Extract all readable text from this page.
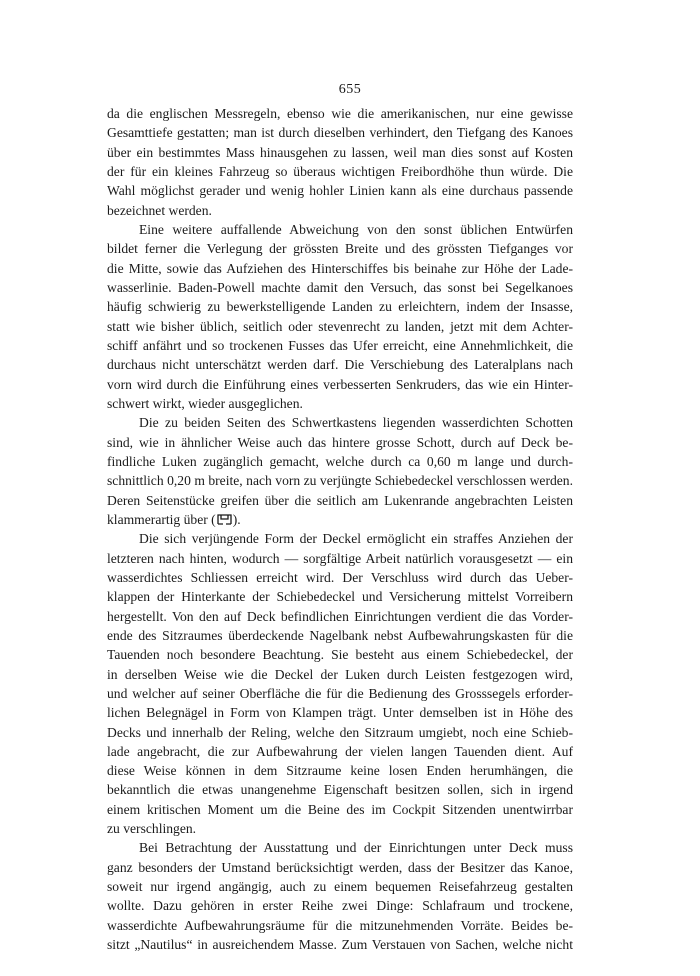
655
da die englischen Messregeln, ebenso wie die amerikanischen, nur eine gewisse
Gesamttiefe gestatten; man ist durch dieselben verhindert, den Tiefgang des Kanoes
über ein bestimmtes Mass hinausgehen zu lassen, weil man dies sonst auf Kosten
der für ein kleines Fahrzeug so überaus wichtigen Freibordhöhe thun würde. Die
Wahl möglichst gerader und wenig hohler Linien kann als eine durchaus passende
bezeichnet werden.
Eine weitere auffallende Abweichung von den sonst üblichen Entwürfen
bildet ferner die Verlegung der grössten Breite und des grössten Tiefganges vor
die Mitte, sowie das Aufziehen des Hinterschiffes bis beinahe zur Höhe der Lade-
wasserlinie. Baden-Powell machte damit den Versuch, das sonst bei Segelkanoes
häufig schwierig zu bewerkstelligende Landen zu erleichtern, indem der Insasse,
statt wie bisher üblich, seitlich oder stevenrecht zu landen, jetzt mit dem Achter-
schiff anfährt und so trockenen Fusses das Ufer erreicht, eine Annehmlichkeit, die
durchaus nicht unterschätzt werden darf. Die Verschiebung des Lateralplans nach
vorn wird durch die Einführung eines verbesserten Senkruders, das wie ein Hinter-
schwert wirkt, wieder ausgeglichen.
Die zu beiden Seiten des Schwertkastens liegenden wasserdichten Schotten
sind, wie in ähnlicher Weise auch das hintere grosse Schott, durch auf Deck be-
findliche Luken zugänglich gemacht, welche durch ca 0,60 m lange und durch-
schnittlich 0,20 m breite, nach vorn zu verjüngte Schiebedeckel verschlossen werden.
Deren Seitenstücke greifen über die seitlich am Lukenrande angebrachten Leisten
klammerartig über ( ).
Die sich verjüngende Form der Deckel ermöglicht ein straffes Anziehen der
letzteren nach hinten, wodurch — sorgfältige Arbeit natürlich vorausgesetzt — ein
wasserdichtes Schliessen erreicht wird. Der Verschluss wird durch das Ueber-
klappen der Hinterkante der Schiebedeckel und Versicherung mittelst Vorreibern
hergestellt. Von den auf Deck befindlichen Einrichtungen verdient die das Vorder-
ende des Sitzraumes überdeckende Nagelbank nebst Aufbewahrungskasten für die
Tauenden noch besondere Beachtung. Sie besteht aus einem Schiebedeckel, der
in derselben Weise wie die Deckel der Luken durch Leisten festgezogen wird,
und welcher auf seiner Oberfläche die für die Bedienung des Grosssegels erforder-
lichen Belegnägel in Form von Klampen trägt. Unter demselben ist in Höhe des
Decks und innerhalb der Reling, welche den Sitzraum umgiebt, noch eine Schieb-
lade angebracht, die zur Aufbewahrung der vielen langen Tauenden dient. Auf
diese Weise können in dem Sitzraume keine losen Enden herumhängen, die
bekanntlich die etwas unangenehme Eigenschaft besitzen sollen, sich in irgend
einem kritischen Moment um die Beine des im Cockpit Sitzenden unentwirrbar
zu verschlingen.
Bei Betrachtung der Ausstattung und der Einrichtungen unter Deck muss
ganz besonders der Umstand berücksichtigt werden, dass der Besitzer das Kanoe,
soweit nur irgend angängig, auch zu einem bequemen Reisefahrzeug gestalten
wollte. Dazu gehören in erster Reihe zwei Dinge: Schlafraum und trockene,
wasserdichte Aufbewahrungsräume für die mitzunehmenden Vorräte. Beides be-
sitzt „Nautilus“ in ausreichendem Masse. Zum Verstauen von Sachen, welche nicht
